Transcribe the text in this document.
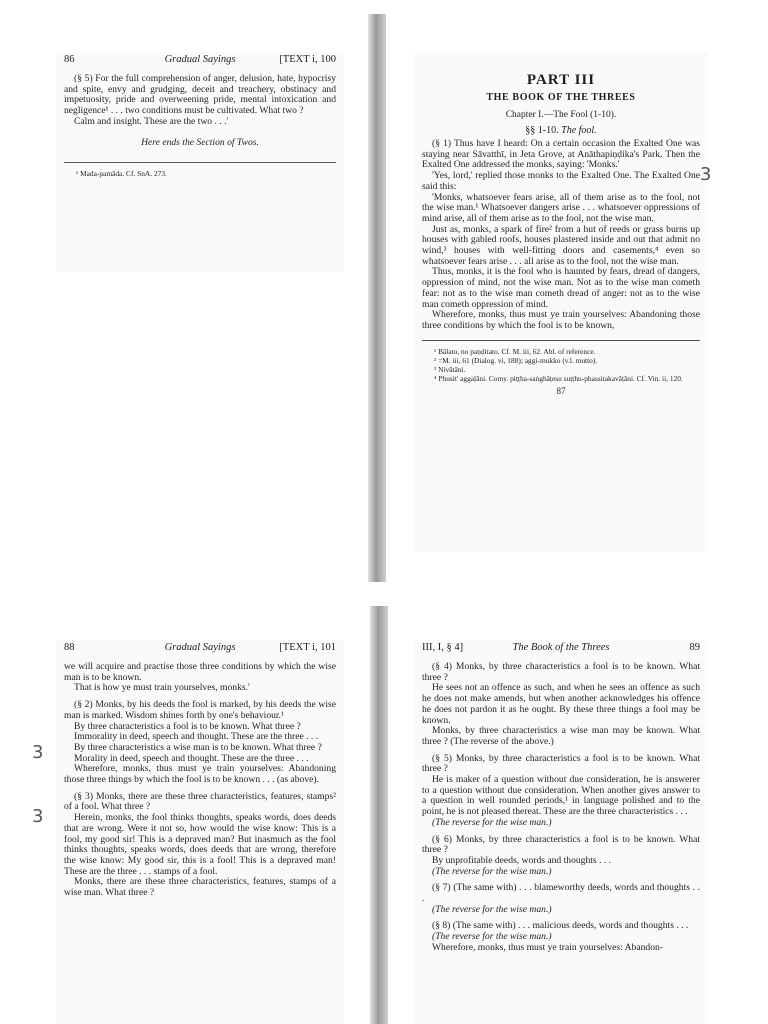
86	Gradual Sayings	[TEXT i, 100

(§ 5) For the full comprehension of anger, delusion, hate, hypocrisy and spite, envy and grudging, deceit and treachery, obstinacy and impetuosity, pride and overweening pride, mental intoxication and negligence¹ . . . two conditions must be cultivated. What two ?

Calm and insight. These are the two . . .'

Here ends the Section of Twos.

¹ Mada-pamāda. Cf. SnA. 273.

PART III
THE BOOK OF THE THREES
Chapter I.—The Fool (1-10).
§§ 1-10. The fool.

(§ 1) Thus have I heard: On a certain occasion the Exalted One was staying near Sāvatthī, in Jeta Grove, at Anāthapiṇḍika's Park. Then the Exalted One addressed the monks, saying: 'Monks.'

'Yes, lord,' replied those monks to the Exalted One. The Exalted One said this:

'Monks, whatsoever fears arise, all of them arise as to the fool, not the wise man.¹ Whatsoever dangers arise . . . whatsoever oppressions of mind arise, all of them arise as to the fool, not the wise man.

Just as, monks, a spark of fire² from a hut of reeds or grass burns up houses with gabled roofs, houses plastered inside and out that admit no wind,³ houses with well-fitting doors and casements,⁴ even so whatsoever fears arise . . . all arise as to the fool, not the wise man.

Thus, monks, it is the fool who is haunted by fears, dread of dangers, oppression of mind, not the wise man. Not as to the wise man cometh fear: not as to the wise man cometh dread of anger: not as to the wise man cometh oppression of mind.

Wherefore, monks, thus must ye train yourselves: Abandoning those three conditions by which the fool is to be known,

¹ Bālato, no paṇḍitato. Cf. M. iii, 62. Abl. of reference.

² =M. iii, 61 (Dialog. vi, 188); aggi-mukko (v.l. mutto).

³ Nivātāni.

⁴ Phusit' aggaḷāni. Comy. piṭṭha-saṅghāṭesu suṭṭhu-phassitakavāṭāni. Cf. Vin. ii, 120.

87
88	Gradual Sayings	[TEXT i, 101

we will acquire and practise those three conditions by which the wise man is to be known.

That is how ye must train yourselves, monks.'

(§ 2) Monks, by his deeds the fool is marked, by his deeds the wise man is marked. Wisdom shines forth by one's behaviour.¹

By three characteristics a fool is to be known. What three ?

Immorality in deed, speech and thought. These are the three . . .

By three characteristics a wise man is to be known. What three ?

Morality in deed, speech and thought. These are the three . . .

Wherefore, monks, thus must ye train yourselves: Abandoning those three things by which the fool is to be known . . . (as above).

(§ 3) Monks, there are these three characteristics, features, stamps² of a fool. What three ?

Herein, monks, the fool thinks thoughts, speaks words, does deeds that are wrong. Were it not so, how would the wise know: This is a fool, my good sir! This is a depraved man? But inasmuch as the fool thinks thoughts, speaks words, does deeds that are wrong, therefore the wise know: My good sir, this is a fool! This is a depraved man! These are the three . . . stamps of a fool.

Monks, there are these three characteristics, features, stamps of a wise man. What three ?

III, I, § 4]	The Book of the Threes	89

(§ 4) Monks, by three characteristics a fool is to be known. What three ?

He sees not an offence as such, and when he sees an offence as such he does not make amends, but when another acknowledges his offence he does not pardon it as he ought. By these three things a fool may be known.

Monks, by three characteristics a wise man may be known. What three ? (The reverse of the above.)

(§ 5) Monks, by three characteristics a fool is to be known. What three ?

He is maker of a question without due consideration, he is answerer to a question without due consideration. When another gives answer to a question in well rounded periods,¹ in language polished and to the point, he is not pleased thereat. These are the three characteristics . . .

(The reverse for the wise man.)

(§ 6) Monks, by three characteristics a fool is to be known. What three ?

By unprofitable deeds, words and thoughts . . .

(The reverse for the wise man.)

(§ 7) (The same with) . . . blameworthy deeds, words and thoughts . . .

(The reverse for the wise man.)

(§ 8) (The same with) . . . malicious deeds, words and thoughts . . .

(The reverse for the wise man.)

Wherefore, monks, thus must ye train yourselves: Abandon-

3
3
3
